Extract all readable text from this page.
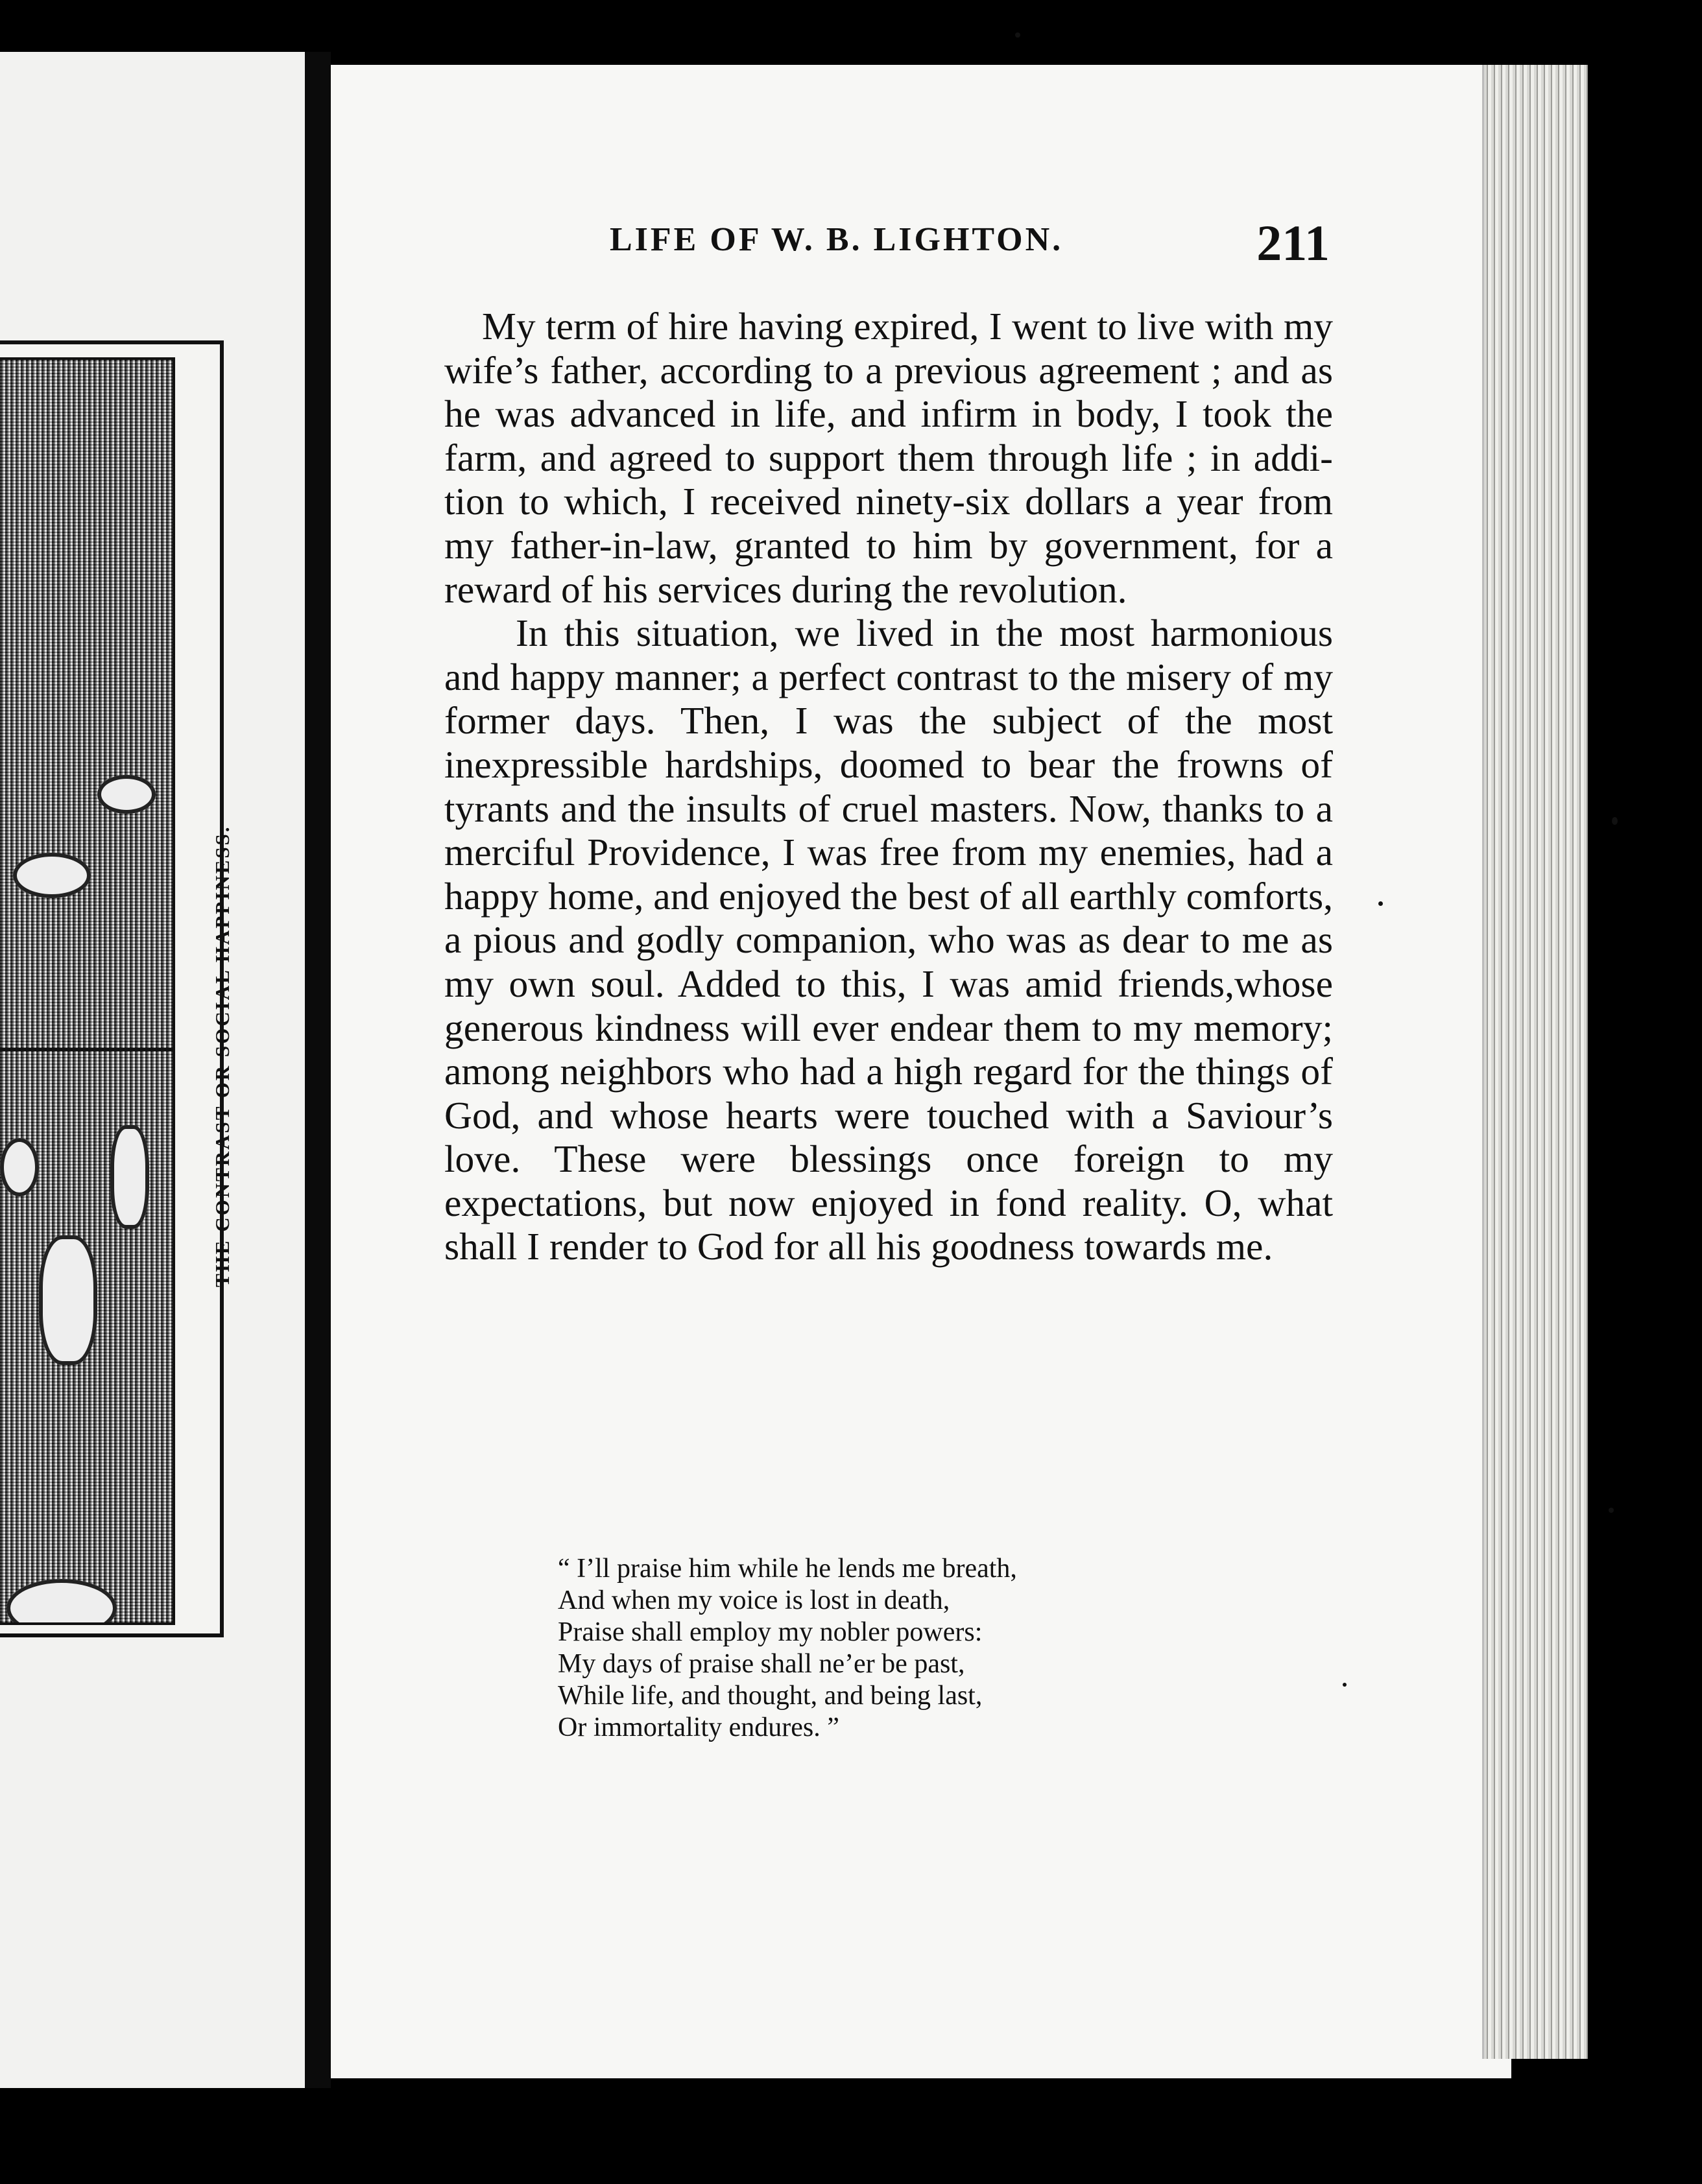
THE CONTRAST OR SOCIAL HAPPINESS.
LIFE OF W. B. LIGHTON.	211

My term of hire having expired, I went to live with my wife’s father, according to a previous agreement ; and as he was advanced in life, and infirm in body, I took the farm, and agreed to support them through life ; in addition to which, I received ninety-six dollars a year from my father-in-law, granted to him by government, for a reward of his services during the revolution.

In this situation, we lived in the most harmonious and happy manner; a perfect contrast to the misery of my former days. Then, I was the subject of the most inexpressible hardships, doomed to bear the frowns of tyrants and the insults of cruel masters. Now, thanks to a merciful Providence, I was free from my enemies, had a happy home, and enjoyed the best of all earthly comforts, a pious and godly companion, who was as dear to me as my own soul. Added to this, I was amid friends,whose generous kindness will ever endear them to my memory; among neighbors who had a high regard for the things of God, and whose hearts were touched with a Saviour’s love. These were blessings once foreign to my expectations, but now enjoyed in fond reality. O, what shall I render to God for all his goodness towards me.

“ I’ll praise him while he lends me breath,
And when my voice is lost in death,
Praise shall employ my nobler powers:
My days of praise shall ne’er be past,
While life, and thought, and being last,
Or immortality endures. ”
